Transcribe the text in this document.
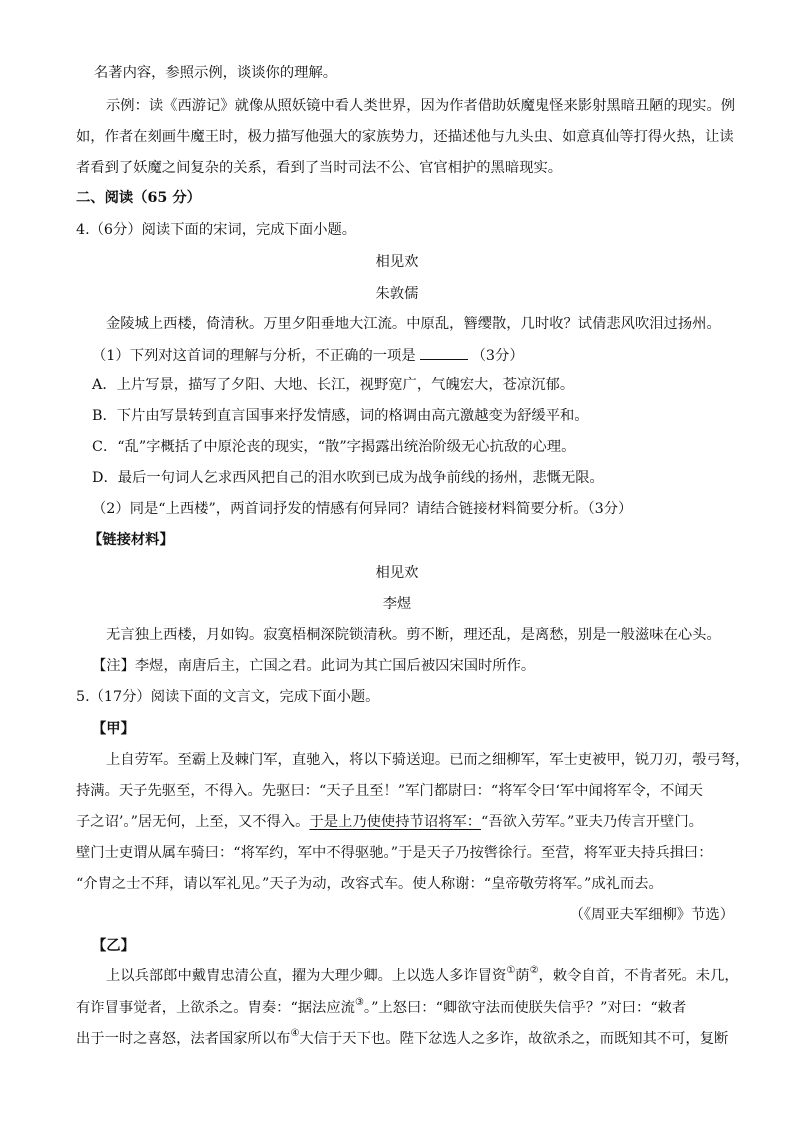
名著内容，参照示例，谈谈你的理解。
示例：读《西游记》就像从照妖镜中看人类世界，因为作者借助妖魔鬼怪来影射黑暗丑陋的现实。例
如，作者在刻画牛魔王时，极力描写他强大的家族势力，还描述他与九头虫、如意真仙等打得火热，让读
者看到了妖魔之间复杂的关系，看到了当时司法不公、官官相护的黑暗现实。
二、阅读（65 分）
4.（6分）阅读下面的宋词，完成下面小题。
相见欢
朱敦儒
金陵城上西楼，倚清秋。万里夕阳垂地大江流。中原乱，簪缨散，几时收？试倩悲风吹泪过扬州。
（1）下列对这首词的理解与分析，不正确的一项是	（3分）
A．上片写景，描写了夕阳、大地、长江，视野宽广，气魄宏大，苍凉沉郁。
B．下片由写景转到直言国事来抒发情感，词的格调由高亢激越变为舒缓平和。
C．“乱”字概括了中原沦丧的现实，“散”字揭露出统治阶级无心抗敌的心理。
D．最后一句词人乞求西风把自己的泪水吹到已成为战争前线的扬州，悲慨无限。
（2）同是“上西楼”，两首词抒发的情感有何异同？请结合链接材料简要分析。（3分）
【链接材料】
相见欢
李煜
无言独上西楼，月如钩。寂寞梧桐深院锁清秋。剪不断，理还乱，是离愁，别是一般滋味在心头。
【注】李煜，南唐后主，亡国之君。此词为其亡国后被囚宋国时所作。
5.（17分）阅读下面的文言文，完成下面小题。
【甲】
上自劳军。至霸上及棘门军，直驰入，将以下骑送迎。已而之细柳军，军士吏被甲，锐刀刃，彀弓弩，
持满。天子先驱至，不得入。先驱曰：“天子且至！”军门都尉曰：“将军令曰‘军中闻将军令，不闻天
子之诏’。”居无何，上至，又不得入。于是上乃使使持节诏将军：“吾欲入劳军。”亚夫乃传言开壁门。
壁门士吏谓从属车骑曰：“将军约，军中不得驱驰。”于是天子乃按辔徐行。至营，将军亚夫持兵揖曰：
“介胄之士不拜，请以军礼见。”天子为动，改容式车。使人称谢：“皇帝敬劳将军。”成礼而去。
（《周亚夫军细柳》节选）
【乙】
上以兵部郎中戴胄忠清公直，擢为大理少卿。上以选人多诈冒资①荫②，敕令自首，不肯者死。未几，
有诈冒事觉者，上欲杀之。胄奏：“据法应流③。”上怒曰：“卿欲守法而使朕失信乎？”对曰：“敕者
出于一时之喜怒，法者国家所以布④大信于天下也。陛下忿选人之多诈，故欲杀之，而既知其不可，复断
